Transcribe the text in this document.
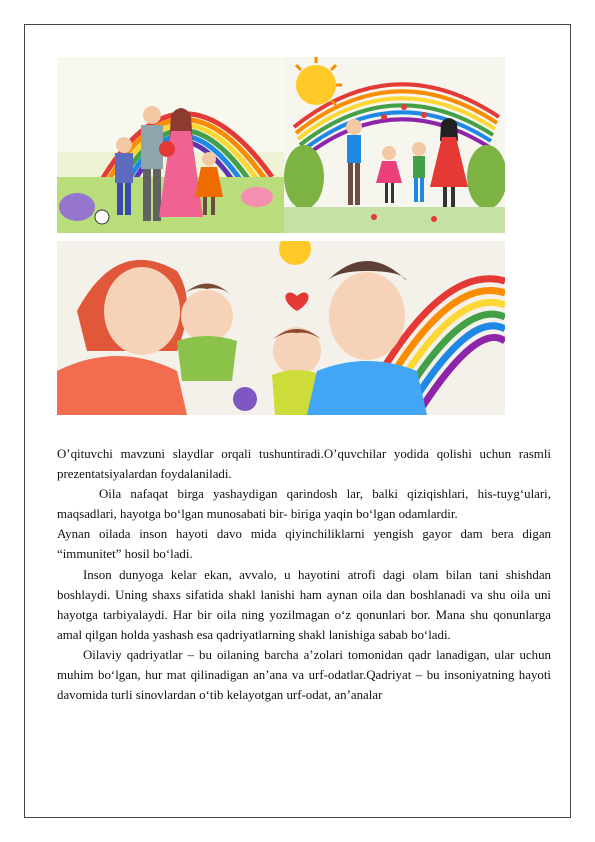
O’qituvchi mavzuni slaydlar orqali tushuntiradi.O’quvchilar yodida qolishi uchun rasmli prezentatsiyalardan foydalaniladi.

Oila nafaqat birga yashaydigan qarindosh lar, balki qiziqishlari, his-tuyg‘ulari, maqsadlari, hayotga bo‘lgan munosabati bir- biriga yaqin bo‘lgan odamlardir.

Aynan oilada inson hayoti davo mida qiyinchiliklarni yengish gayor dam bera digan “immunitet” hosil bo‘ladi.

Inson dunyoga kelar ekan, avvalo, u hayotini atrofi dagi olam bilan tani shishdan boshlaydi. Uning shaxs sifatida shakl lanishi ham aynan oila dan boshlanadi va shu oila uni hayotga tarbiyalaydi. Har bir oila ning yozilmagan o‘z qonunlari bor. Mana shu qonunlarga amal qilgan holda yashash esa qadriyatlarning shakl lanishiga sabab bo‘ladi.

Oilaviy qadriyatlar – bu oilaning barcha a’zolari tomonidan qadr lanadigan, ular uchun muhim bo‘lgan, hur mat qilinadigan an’ana va urf-odatlar.Qadriyat – bu insoniyatning hayoti davomida turli sinovlardan o‘tib kelayotgan urf-odat, an’analar
